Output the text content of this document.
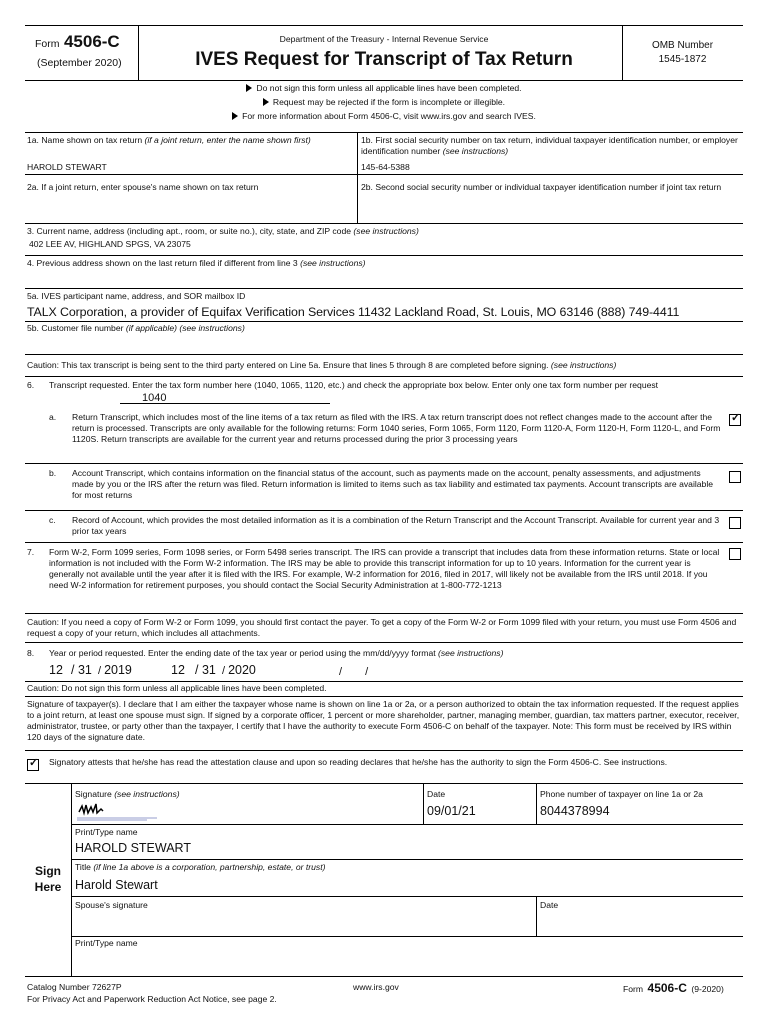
Form 4506-C
(September 2020)
Department of the Treasury - Internal Revenue Service
IVES Request for Transcript of Tax Return
OMB Number
1545-1872
Do not sign this form unless all applicable lines have been completed.
Request may be rejected if the form is incomplete or illegible.
For more information about Form 4506-C, visit www.irs.gov and search IVES.
1a. Name shown on tax return (if a joint return, enter the name shown first)
HAROLD STEWART
1b. First social security number on tax return, individual taxpayer identification number, or employer identification number (see instructions)
145-64-5388
2a. If a joint return, enter spouse's name shown on tax return	2b. Second social security number or individual taxpayer identification number if joint tax return
3. Current name, address (including apt., room, or suite no.), city, state, and ZIP code (see instructions)
402 LEE AV, HIGHLAND SPGS, VA 23075
4. Previous address shown on the last return filed if different from line 3 (see instructions)
5a. IVES participant name, address, and SOR mailbox ID
TALX Corporation, a provider of Equifax Verification Services 11432 Lackland Road, St. Louis, MO 63146 (888) 749-4411
5b. Customer file number (if applicable) (see instructions)
Caution: This tax transcript is being sent to the third party entered on Line 5a. Ensure that lines 5 through 8 are completed before signing. (see instructions)
6. Transcript requested. Enter the tax form number here (1040, 1065, 1120, etc.) and check the appropriate box below. Enter only one tax form number per request
1040
a. Return Transcript, which includes most of the line items of a tax return as filed with the IRS. A tax return transcript does not reflect changes made to the account after the return is processed. Transcripts are only available for the following returns: Form 1040 series, Form 1065, Form 1120, Form 1120-A, Form 1120-H, Form 1120-L, and Form 1120S. Return transcripts are available for the current year and returns processed during the prior 3 processing years
✓
b. Account Transcript, which contains information on the financial status of the account, such as payments made on the account, penalty assessments, and adjustments made by you or the IRS after the return was filed. Return information is limited to items such as tax liability and estimated tax payments. Account transcripts are available for most returns
c. Record of Account, which provides the most detailed information as it is a combination of the Return Transcript and the Account Transcript. Available for current year and 3 prior tax years
7. Form W-2, Form 1099 series, Form 1098 series, or Form 5498 series transcript. The IRS can provide a transcript that includes data from these information returns. State or local information is not included with the Form W-2 information. The IRS may be able to provide this transcript information for up to 10 years. Information for the current year is generally not available until the year after it is filed with the IRS. For example, W-2 information for 2016, filed in 2017, will likely not be available from the IRS until 2018. If you need W-2 information for retirement purposes, you should contact the Social Security Administration at 1-800-772-1213
Caution: If you need a copy of Form W-2 or Form 1099, you should first contact the payer. To get a copy of the Form W-2 or Form 1099 filed with your return, you must use Form 4506 and request a copy of your return, which includes all attachments.
8. Year or period requested. Enter the ending date of the tax year or period using the mm/dd/yyyy format (see instructions)
12 / 31 / 2019	12 / 31 / 2020	/ /
Caution: Do not sign this form unless all applicable lines have been completed.
Signature of taxpayer(s). I declare that I am either the taxpayer whose name is shown on line 1a or 2a, or a person authorized to obtain the tax information requested. If the request applies to a joint return, at least one spouse must sign. If signed by a corporate officer, 1 percent or more shareholder, partner, managing member, guardian, tax matters partner, executor, receiver, administrator, trustee, or party other than the taxpayer, I certify that I have the authority to execute Form 4506-C on behalf of the taxpayer. Note: This form must be received by IRS within 120 days of the signature date.
✓ Signatory attests that he/she has read the attestation clause and upon so reading declares that he/she has the authority to sign the Form 4506-C. See instructions.
Sign
Here
Signature (see instructions)	Date
09/01/21
Phone number of taxpayer on line 1a or 2a
8044378994
Print/Type name
HAROLD STEWART
Title (if line 1a above is a corporation, partnership, estate, or trust)
Harold Stewart
Spouse's signature	Date
Print/Type name
Catalog Number 72627P	www.irs.gov	Form 4506-C (9-2020)
For Privacy Act and Paperwork Reduction Act Notice, see page 2.
